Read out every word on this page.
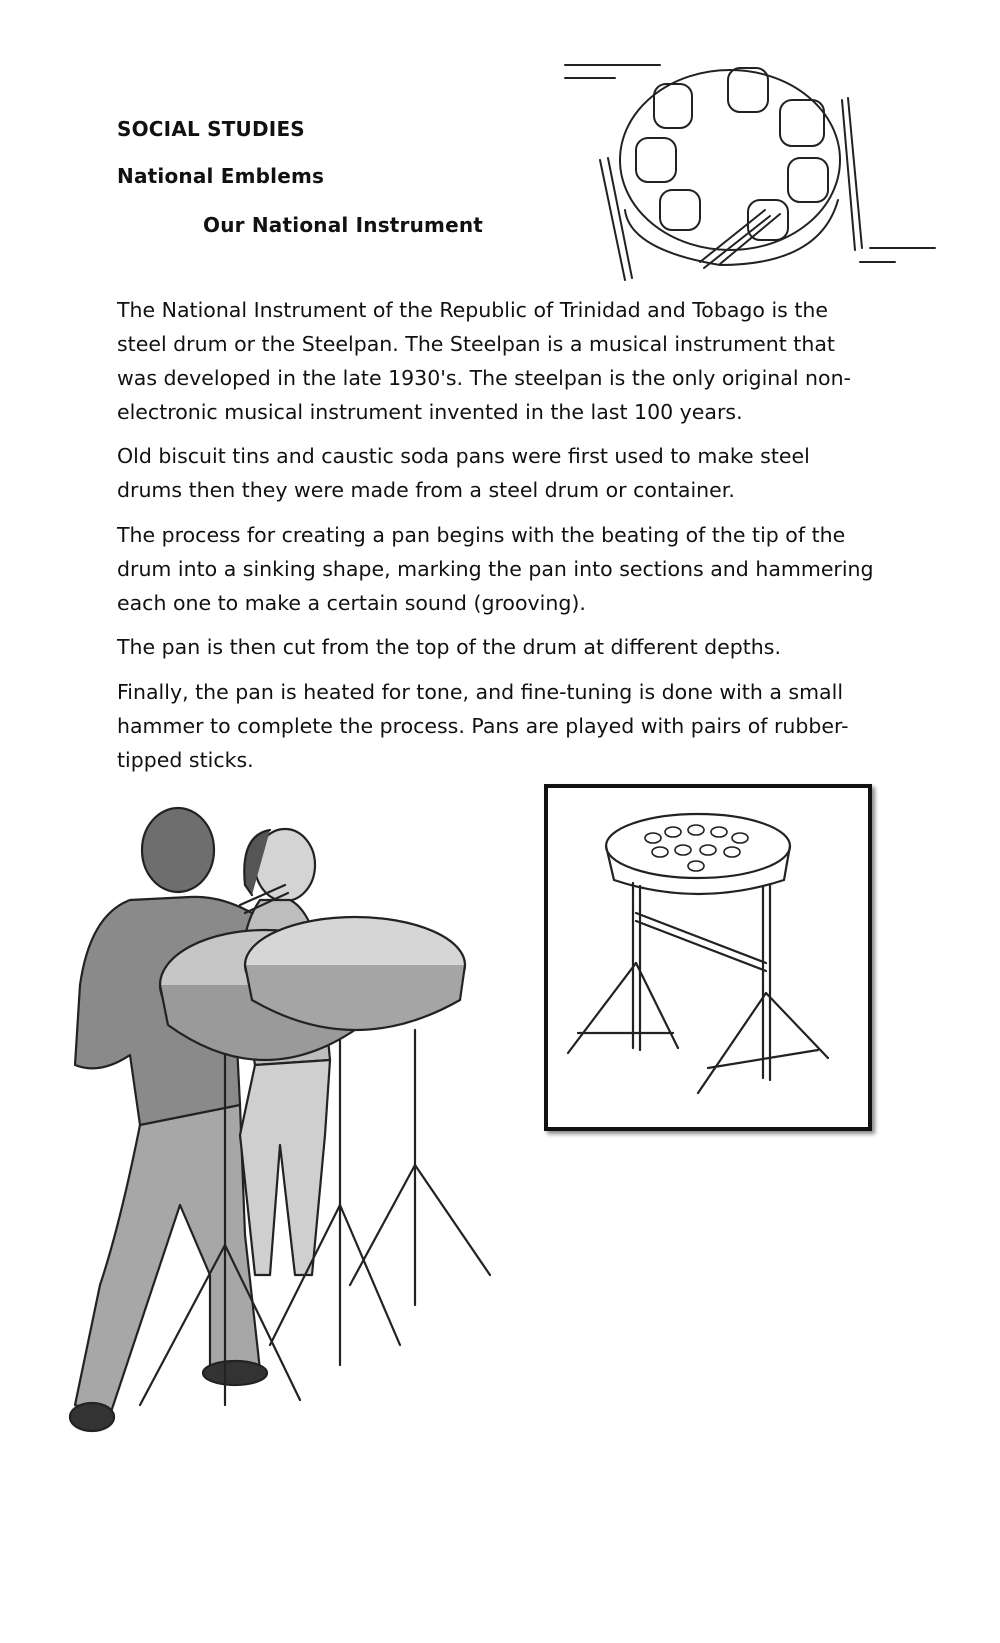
SOCIAL STUDIES
National Emblems
Our National Instrument

The National Instrument of the Republic of Trinidad and Tobago is the steel drum or the Steelpan. The Steelpan is a musical instrument that was developed in the late 1930's. The steelpan is the only original non-electronic musical instrument invented in the last 100 years.

Old biscuit tins and caustic soda pans were first used to make steel drums then they were made from a steel drum or container.

The process for creating a pan begins with the beating of the tip of the drum into a sinking shape, marking the pan into sections and hammering each one to make a certain sound (grooving).

The pan is then cut from the top of the drum at different depths.

Finally, the pan is heated for tone, and fine-tuning is done with a small hammer to complete the process. Pans are played with pairs of rubber-tipped sticks.
